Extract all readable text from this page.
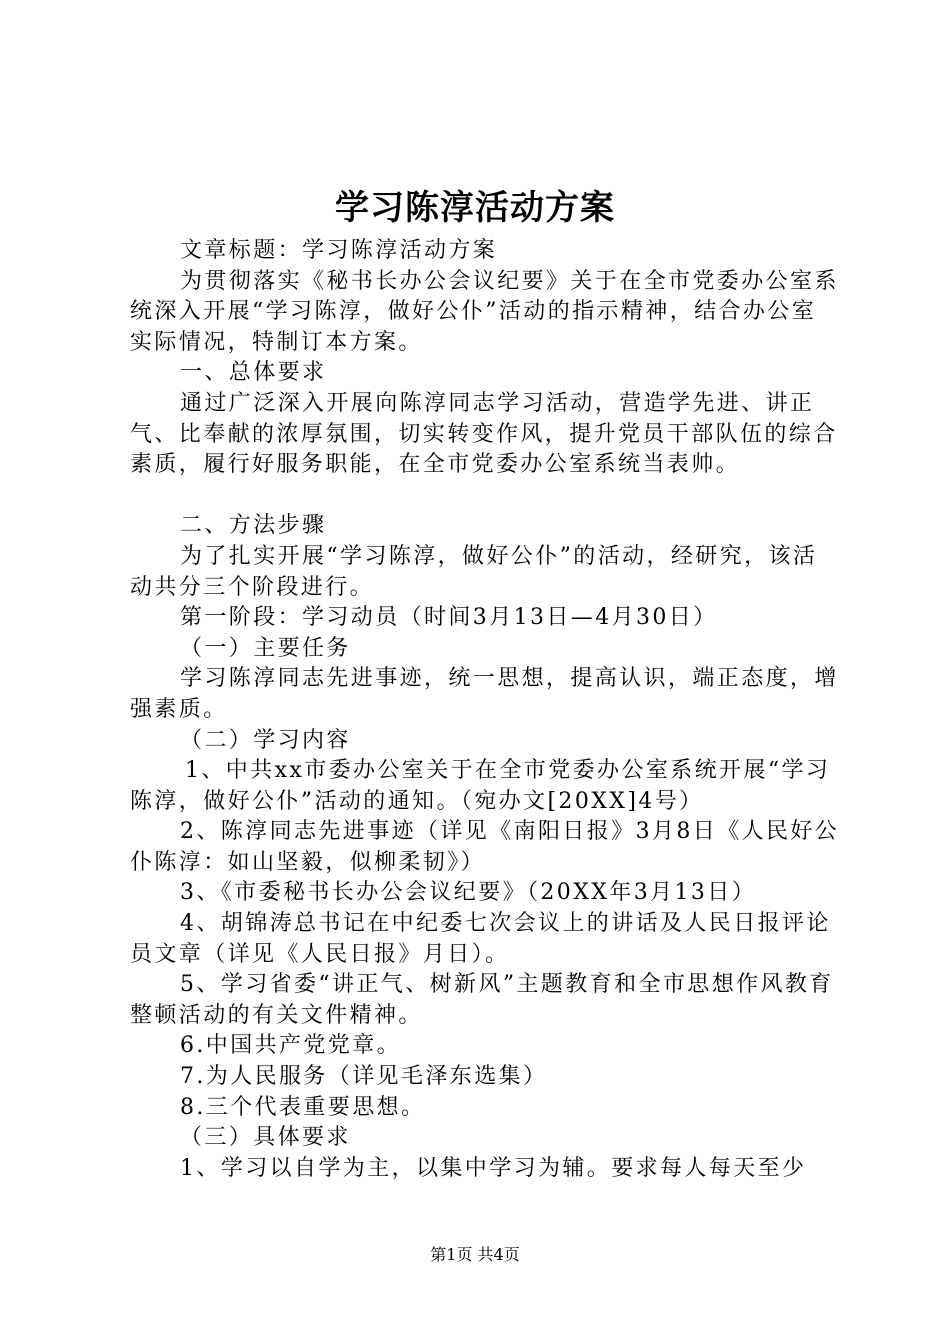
学习陈淳活动方案

文章标题：学习陈淳活动方案

为贯彻落实《秘书长办公会议纪要》关于在全市党委办公室系统深入开展“学习陈淳，做好公仆”活动的指示精神，结合办公室实际情况，特制订本方案。

一、总体要求

通过广泛深入开展向陈淳同志学习活动，营造学先进、讲正气、比奉献的浓厚氛围，切实转变作风，提升党员干部队伍的综合素质，履行好服务职能，在全市党委办公室系统当表帅。

二、方法步骤

为了扎实开展“学习陈淳，做好公仆”的活动，经研究，该活动共分三个阶段进行。

第一阶段：学习动员（时间3月13日—4月30日）

（一）主要任务

学习陈淳同志先进事迹，统一思想，提高认识，端正态度，增强素质。

（二）学习内容

1、中共xx市委办公室关于在全市党委办公室系统开展“学习陈淳，做好公仆”活动的通知。（宛办文[20XX]4号）

2、陈淳同志先进事迹（详见《南阳日报》3月8日《人民好公仆陈淳：如山坚毅，似柳柔韧》）

3、《市委秘书长办公会议纪要》（20XX年3月13日）

4、胡锦涛总书记在中纪委七次会议上的讲话及人民日报评论员文章（详见《人民日报》月日）。

5、学习省委“讲正气、树新风”主题教育和全市思想作风教育整顿活动的有关文件精神。

6.中国共产党党章。

7.为人民服务（详见毛泽东选集）

8.三个代表重要思想。

（三）具体要求

1、学习以自学为主，以集中学习为辅。要求每人每天至少

第1页 共4页
